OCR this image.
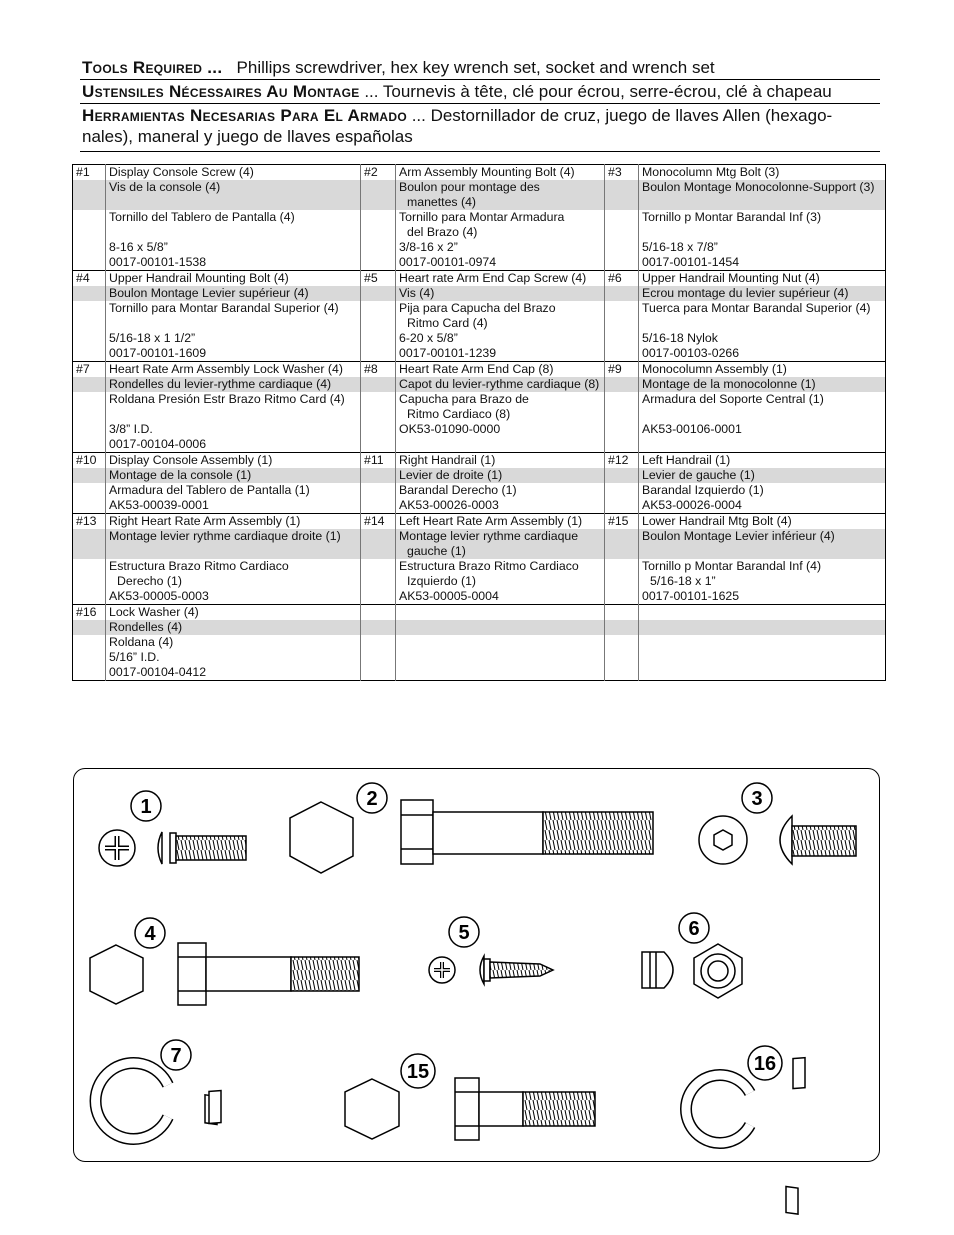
Tools Required ... Phillips screwdriver, hex key wrench set, socket and wrench set
Ustensiles Nécessaires Au Montage ... Tournevis à tête, clé pour écrou, serre-écrou, clé à chapeau
Herramientas Necesarias Para El Armado ... Destornillador de cruz, juego de llaves Allen (hexago-
nales), maneral y juego de llaves españolas
#1	Display Console Screw (4)	#2	Arm Assembly Mounting Bolt (4)	#3	Monocolumn Mtg Bolt (3)
	Vis de la console (4)		Boulon pour montage des		Boulon Montage Monocolonne-Support (3)
			manettes (4)		
	Tornillo del Tablero de Pantalla (4)		Tornillo para Montar Armadura		Tornillo p Montar Barandal Inf (3)
			del Brazo (4)		
	8-16 x 5/8”		3/8-16 x 2”		5/16-18 x 7/8”
	0017-00101-1538		0017-00101-0974		0017-00101-1454
#4	Upper Handrail Mounting Bolt (4)	#5	Heart rate Arm End Cap Screw (4)	#6	Upper Handrail Mounting Nut (4)
	Boulon Montage Levier supérieur (4)		Vis (4)		Ecrou montage du levier supérieur (4)
	Tornillo para Montar Barandal Superior (4)		Pija para Capucha del Brazo		Tuerca para Montar Barandal Superior (4)
			Ritmo Card (4)		
	5/16-18 x 1 1/2”		6-20 x 5/8”		5/16-18 Nylok
	0017-00101-1609		0017-00101-1239		0017-00103-0266
#7	Heart Rate Arm Assembly Lock Washer (4)	#8	Heart Rate Arm End Cap (8)	#9	Monocolumn Assembly (1)
	Rondelles du levier-rythme cardiaque (4)		Capot du levier-rythme cardiaque (8)		Montage de la monocolonne (1)
	Roldana Presión Estr Brazo Ritmo Card (4)		Capucha para Brazo de		Armadura del Soporte Central (1)
			Ritmo Cardiaco (8)		
	3/8” I.D.		OK53-01090-0000		AK53-00106-0001
	0017-00104-0006				
#10	Display Console Assembly (1)	#11	Right Handrail (1)	#12	Left Handrail (1)
	Montage de la console (1)		Levier de droite (1)		Levier de gauche (1)
	Armadura del Tablero de Pantalla (1)		Barandal Derecho (1)		Barandal Izquierdo (1)
	AK53-00039-0001		AK53-00026-0003		AK53-00026-0004
#13	Right Heart Rate Arm Assembly (1)	#14	Left Heart Rate Arm Assembly (1)	#15	Lower Handrail Mtg Bolt (4)
	Montage levier rythme cardiaque droite (1)		Montage levier rythme cardiaque		Boulon Montage Levier inférieur (4)
			gauche (1)		
	Estructura Brazo Ritmo Cardiaco		Estructura Brazo Ritmo Cardiaco		Tornillo p Montar Barandal Inf (4)
	Derecho (1)		Izquierdo (1)		5/16-18 x 1”
	AK53-00005-0003		AK53-00005-0004		0017-00101-1625
#16	Lock Washer (4)				
	Rondelles (4)				
	Roldana (4)				
	5/16” I.D.				
	0017-00104-0412				
1	2	3
4	5	6
7
15	16
